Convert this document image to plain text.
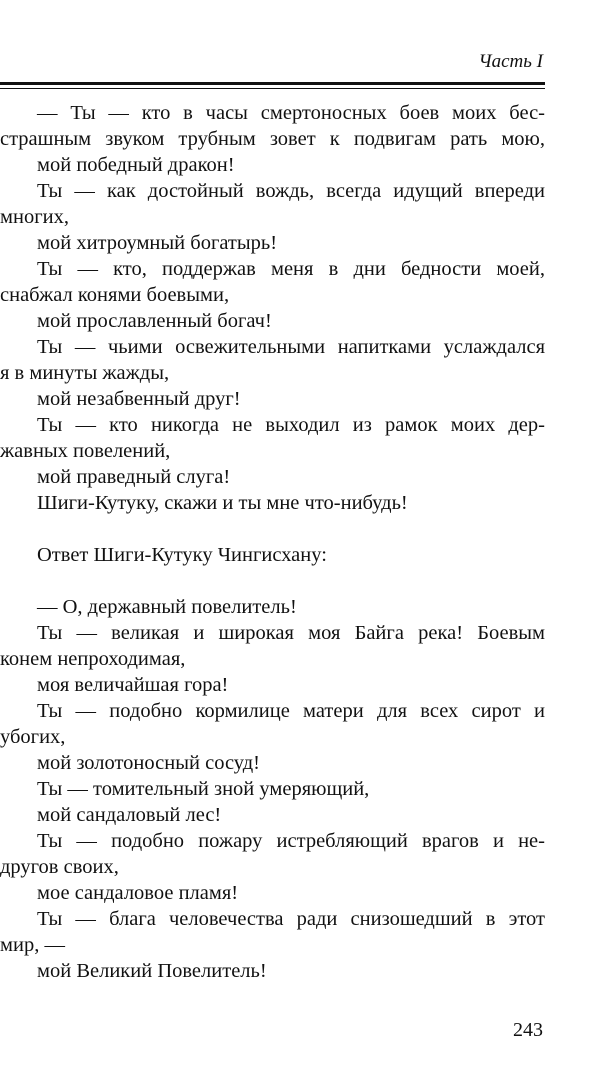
Часть I
— Ты — кто в часы смертоносных боев моих бес-
страшным звуком трубным зовет к подвигам рать мою,
мой победный дракон!
Ты — как достойный вождь, всегда идущий впереди
многих,
мой хитроумный богатырь!
Ты — кто, поддержав меня в дни бедности моей,
снабжал конями боевыми,
мой прославленный богач!
Ты — чьими освежительными напитками услаждался
я в минуты жажды,
мой незабвенный друг!
Ты — кто никогда не выходил из рамок моих дер-
жавных повелений,
мой праведный слуга!
Шиги-Кутуку, скажи и ты мне что-нибудь!
Ответ Шиги-Кутуку Чингисхану:
— О, державный повелитель!
Ты — великая и широкая моя Байга река! Боевым
конем непроходимая,
моя величайшая гора!
Ты — подобно кормилице матери для всех сирот и
убогих,
мой золотоносный сосуд!
Ты — томительный зной умеряющий,
мой сандаловый лес!
Ты — подобно пожару истребляющий врагов и не-
другов своих,
мое сандаловое пламя!
Ты — блага человечества ради снизошедший в этот
мир, —
мой Великий Повелитель!
243
